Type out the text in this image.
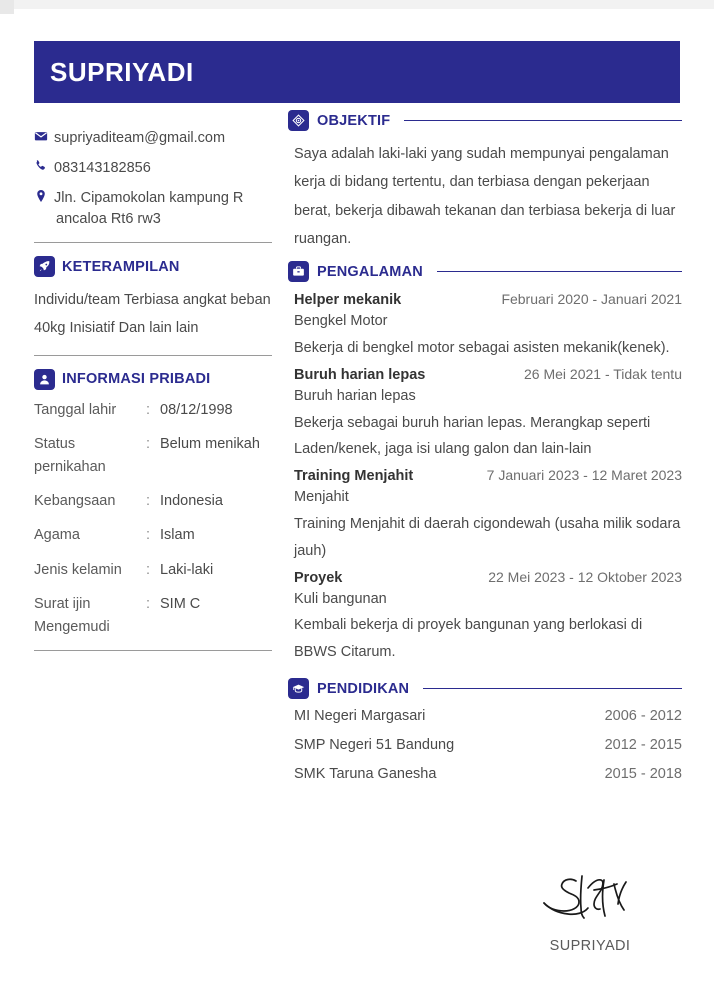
SUPRIYADI
supriyaditeam@gmail.com
083143182856
Jln. Cipamokolan kampung R
ancaloa Rt6 rw3
KETERAMPILAN
Individu/team Terbiasa angkat beban 40kg Inisiatif Dan lain lain
INFORMASI PRIBADI
Tanggal lahir	: 08/12/1998
Status pernikahan
: Belum menikah
Kebangsaan	: Indonesia
Agama	: Islam
Jenis kelamin	: Laki-laki
Surat ijin Mengemudi
: SIM C
OBJEKTIF
Saya adalah laki-laki yang sudah mempunyai pengalaman kerja di bidang tertentu, dan terbiasa dengan pekerjaan berat, bekerja dibawah tekanan dan terbiasa bekerja di luar ruangan.
PENGALAMAN
Helper mekanik	Februari 2020 - Januari 2021
Bengkel Motor
Bekerja di bengkel motor sebagai asisten mekanik(kenek).
Buruh harian lepas	26 Mei 2021 - Tidak tentu
Buruh harian lepas
Bekerja sebagai buruh harian lepas. Merangkap seperti Laden/kenek, jaga isi ulang galon dan lain-lain
Training Menjahit	7 Januari 2023 - 12 Maret 2023
Menjahit
Training Menjahit di daerah cigondewah (usaha milik sodara jauh)
Proyek	22 Mei 2023 - 12 Oktober 2023
Kuli bangunan
Kembali bekerja di proyek bangunan yang berlokasi di BBWS Citarum.
PENDIDIKAN
MI Negeri Margasari	2006 - 2012
SMP Negeri 51 Bandung	2012 - 2015
SMK Taruna Ganesha	2015 - 2018
SUPRIYADI
